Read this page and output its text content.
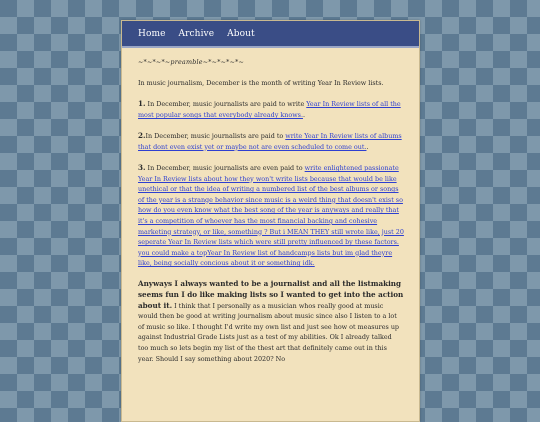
Home Archive About

~*~*~*~preamble~*~*~*~*~

In music journalism, December is the month of writing Year In Review lists.

1. In December, music journalists are paid to write Year In Review lists of all the most popular songs that everybody already knows..

2.In December, music journalists are paid to write Year In Review lists of albums that dont even exist yet or maybe not are even scheduled to come out..

3. In December, music journalists are even paid to write enlightened passionate Year In Review lists about how they won't write lists because that would be like unethical or that the idea of writing a numbered list of the best albums or songs of the year is a strange behavior since music is a weird thing that doesn't exist so how do you even know what the best song of the year is anyways and really that it's a competition of whoever has the most financial backing and cohesive marketing strategy, or like, something ? But i MEAN THEY still wrote like, just 20 seperate Year In Review lists which were still pretty influenced by these factors. you could make a topYear In Review list of handcamps lists but im glad theyre like, being socially concious about it or something idk.

Anyways I always wanted to be a journalist and all the listmaking seems fun I do like making lists so I wanted to get into the action about it. I think that I personally as a musician whos really good at music would then be good at writing journalism about music since also I listen to a lot of music so like. I thought I'd write my own list and just see how ot measures up against Industrial Grade Lists just as a test of my abilities. Ok I already talked too much so lets begin my list of the thest art that definitely came out in this year. Should I say something about 2020? No
